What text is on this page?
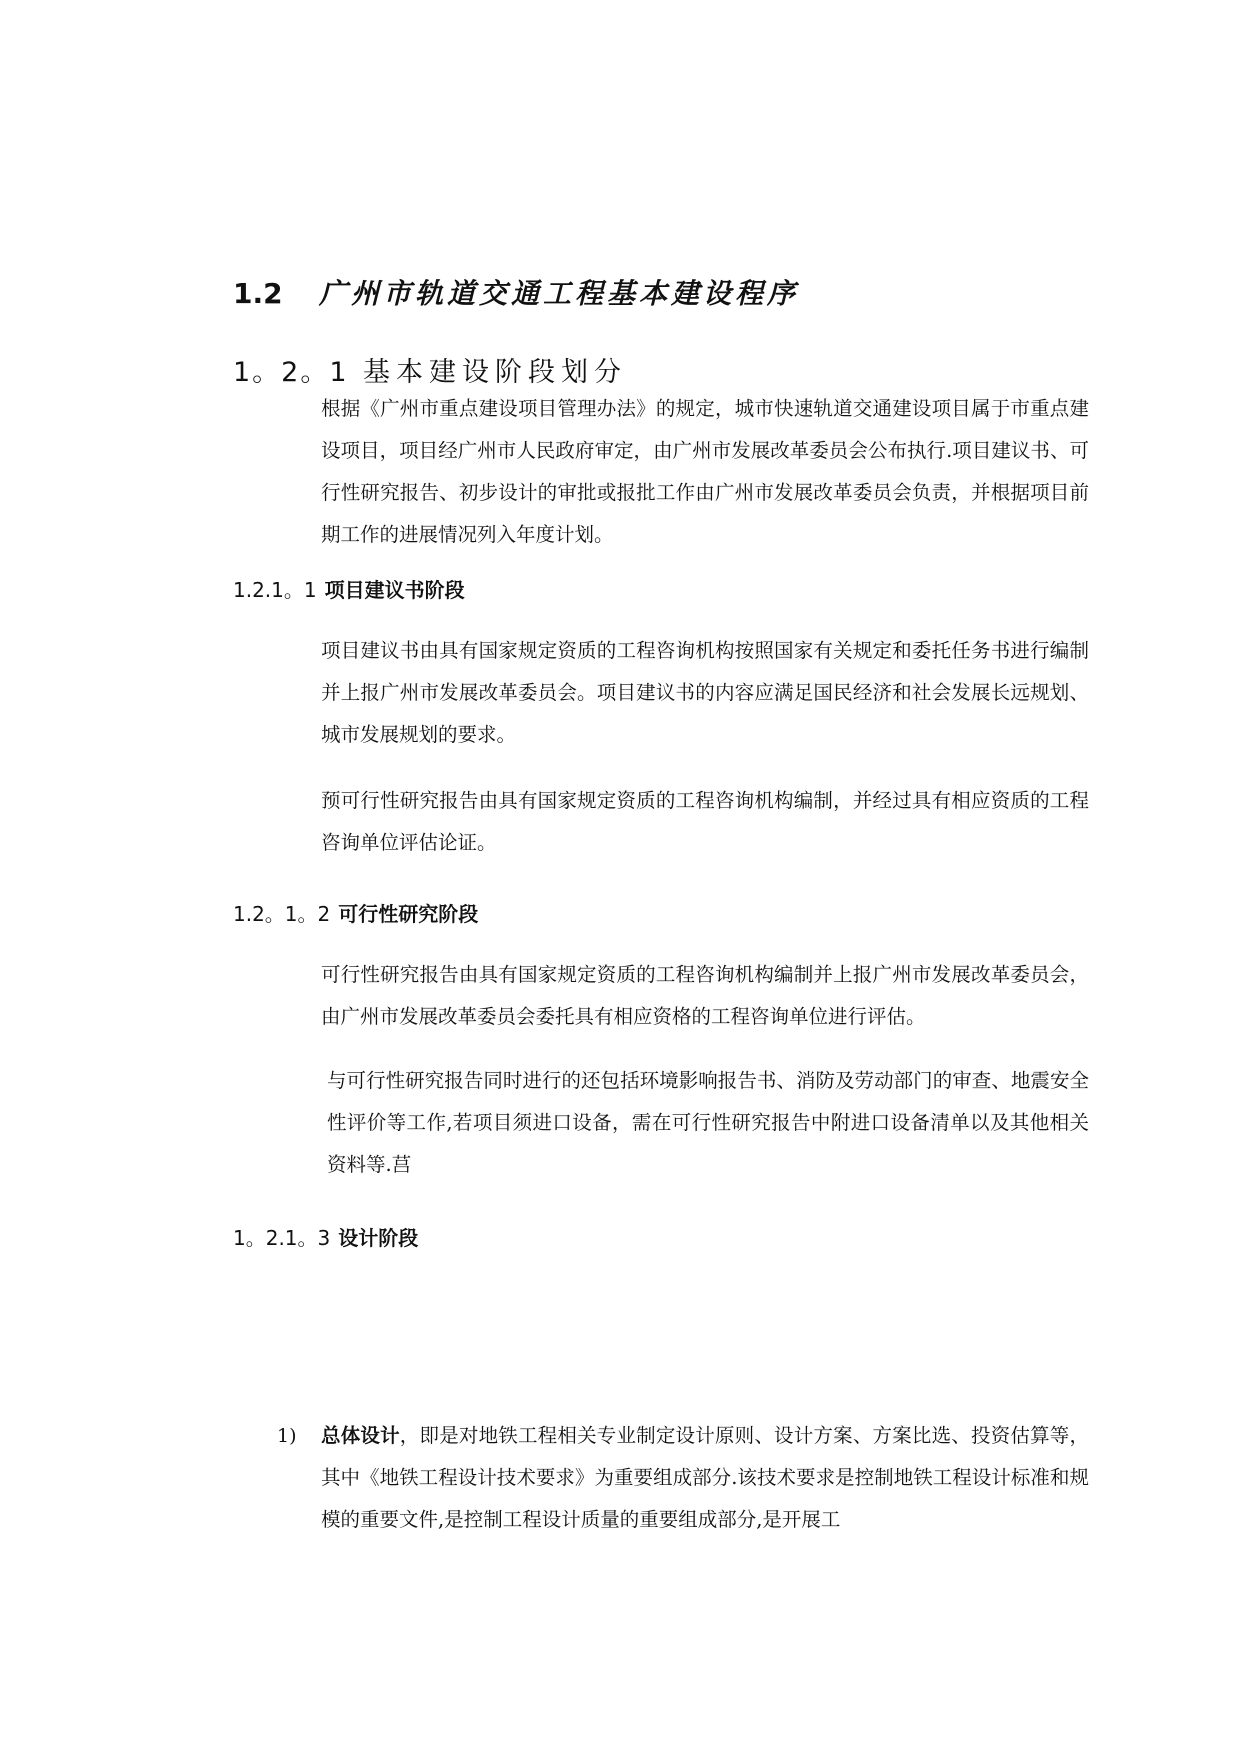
1.2 广州市轨道交通工程基本建设程序
1。2。1 基本建设阶段划分

根据《广州市重点建设项目管理办法》的规定，城市快速轨道交通建设项目属于市重点建设项目，项目经广州市人民政府审定，由广州市发展改革委员会公布执行.项目建议书、可行性研究报告、初步设计的审批或报批工作由广州市发展改革委员会负责，并根据项目前期工作的进展情况列入年度计划。

1.2.1。1 项目建议书阶段

项目建议书由具有国家规定资质的工程咨询机构按照国家有关规定和委托任务书进行编制并上报广州市发展改革委员会。项目建议书的内容应满足国民经济和社会发展长远规划、城市发展规划的要求。

预可行性研究报告由具有国家规定资质的工程咨询机构编制，并经过具有相应资质的工程咨询单位评估论证。

1.2。1。2 可行性研究阶段

可行性研究报告由具有国家规定资质的工程咨询机构编制并上报广州市发展改革委员会，由广州市发展改革委员会委托具有相应资格的工程咨询单位进行评估。

与可行性研究报告同时进行的还包括环境影响报告书、消防及劳动部门的审查、地震安全性评价等工作,若项目须进口设备，需在可行性研究报告中附进口设备清单以及其他相关资料等.莒

1。2.1。3 设计阶段
1) 总体设计，即是对地铁工程相关专业制定设计原则、设计方案、方案比选、投资估算等，其中《地铁工程设计技术要求》为重要组成部分.该技术要求是控制地铁工程设计标准和规模的重要文件,是控制工程设计质量的重要组成部分,是开展工
